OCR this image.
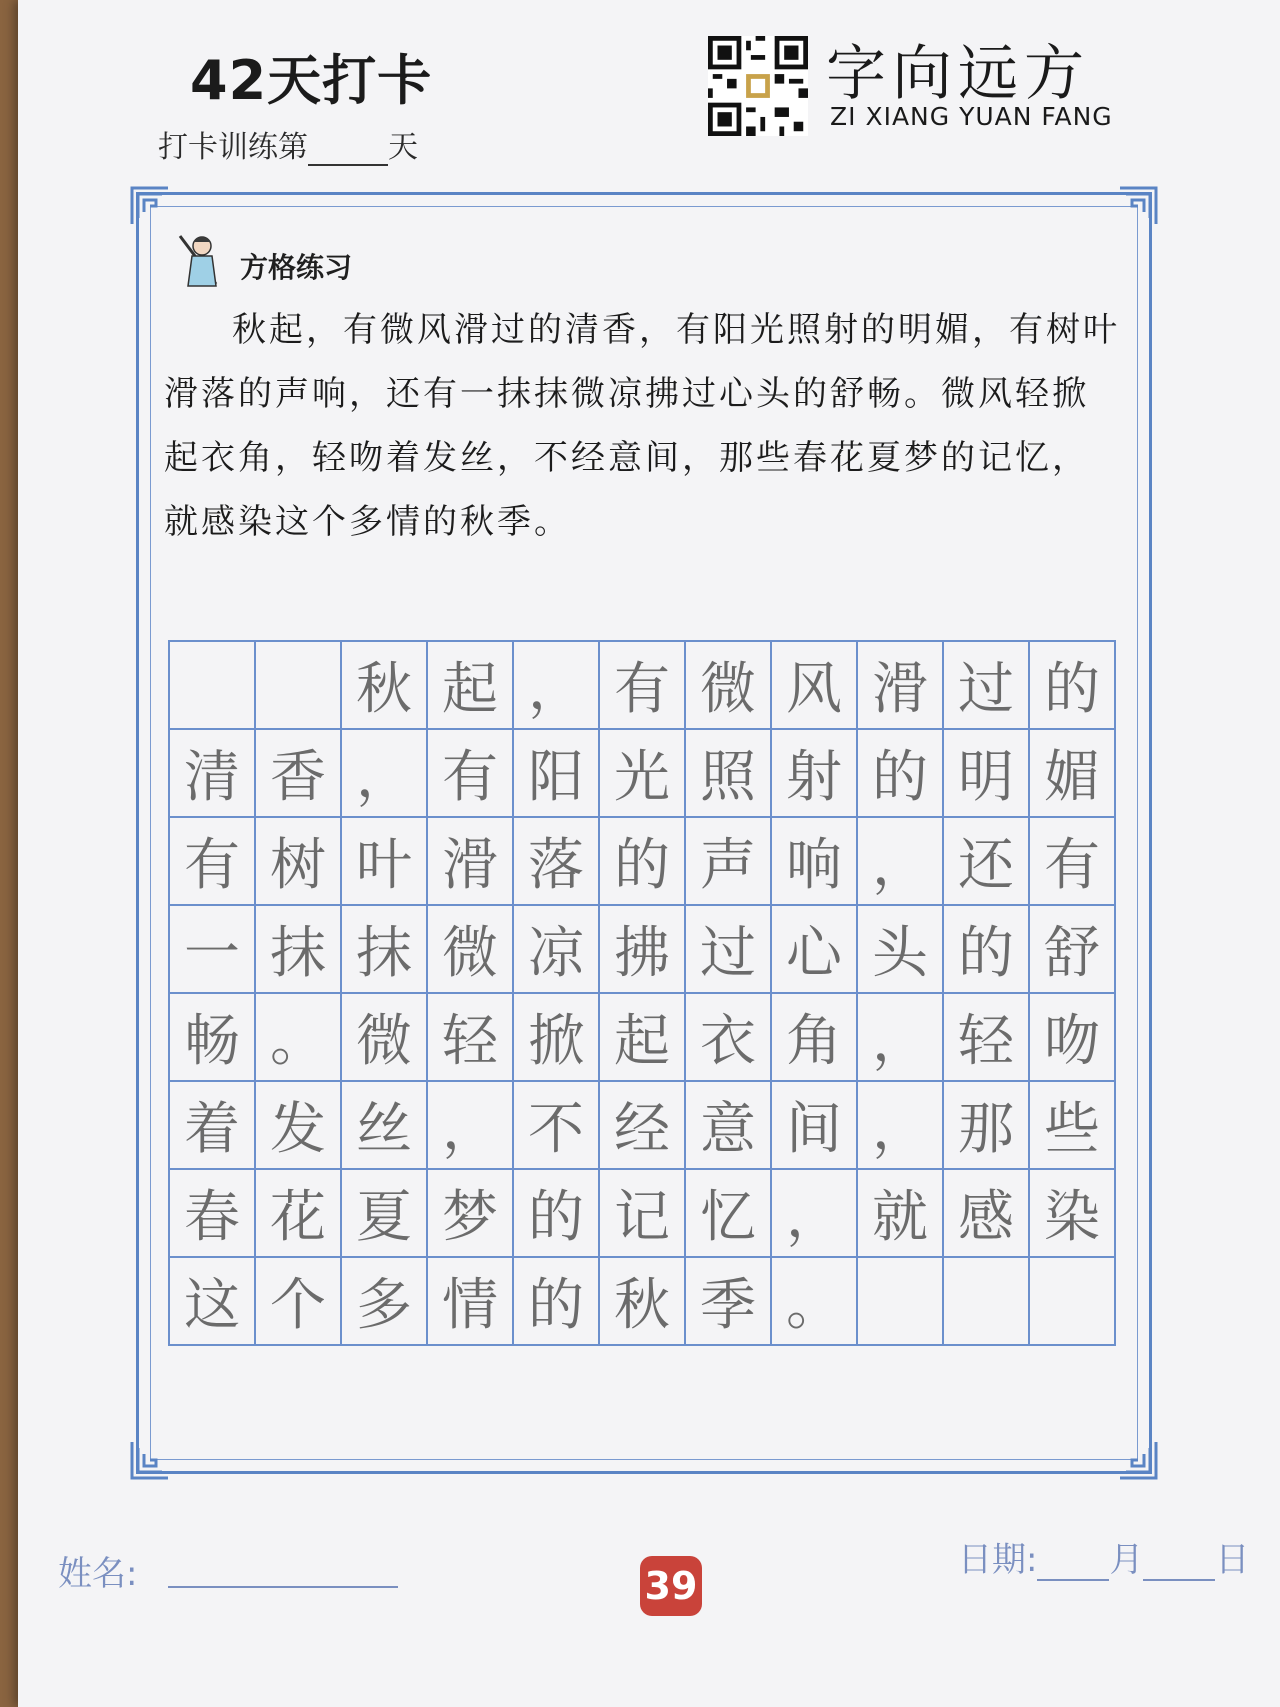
42天打卡
打卡训练第	天
字向远方
ZI XIANG YUAN FANG
方格练习
秋起，有微风滑过的清香，有阳光照射的明媚，有树叶滑落的声响，还有一抹抹微凉拂过心头的舒畅。微风轻掀起衣角，轻吻着发丝，不经意间，那些春花夏梦的记忆，就感染这个多情的秋季。
秋 起 ， 有 微 风 滑 过 的
清 香 ， 有 阳 光 照 射 的 明 媚
有 树 叶 滑 落 的 声 响 ， 还 有
一 抹 抹 微 凉 拂 过 心 头 的 舒
畅 。 微 轻 掀 起 衣 角 ， 轻 吻
着 发 丝 ， 不 经 意 间 ， 那 些
春 花 夏 梦 的 记 忆 ， 就 感 染
这 个 多 情 的 秋 季 。
姓名:	39
日期: 月 日
